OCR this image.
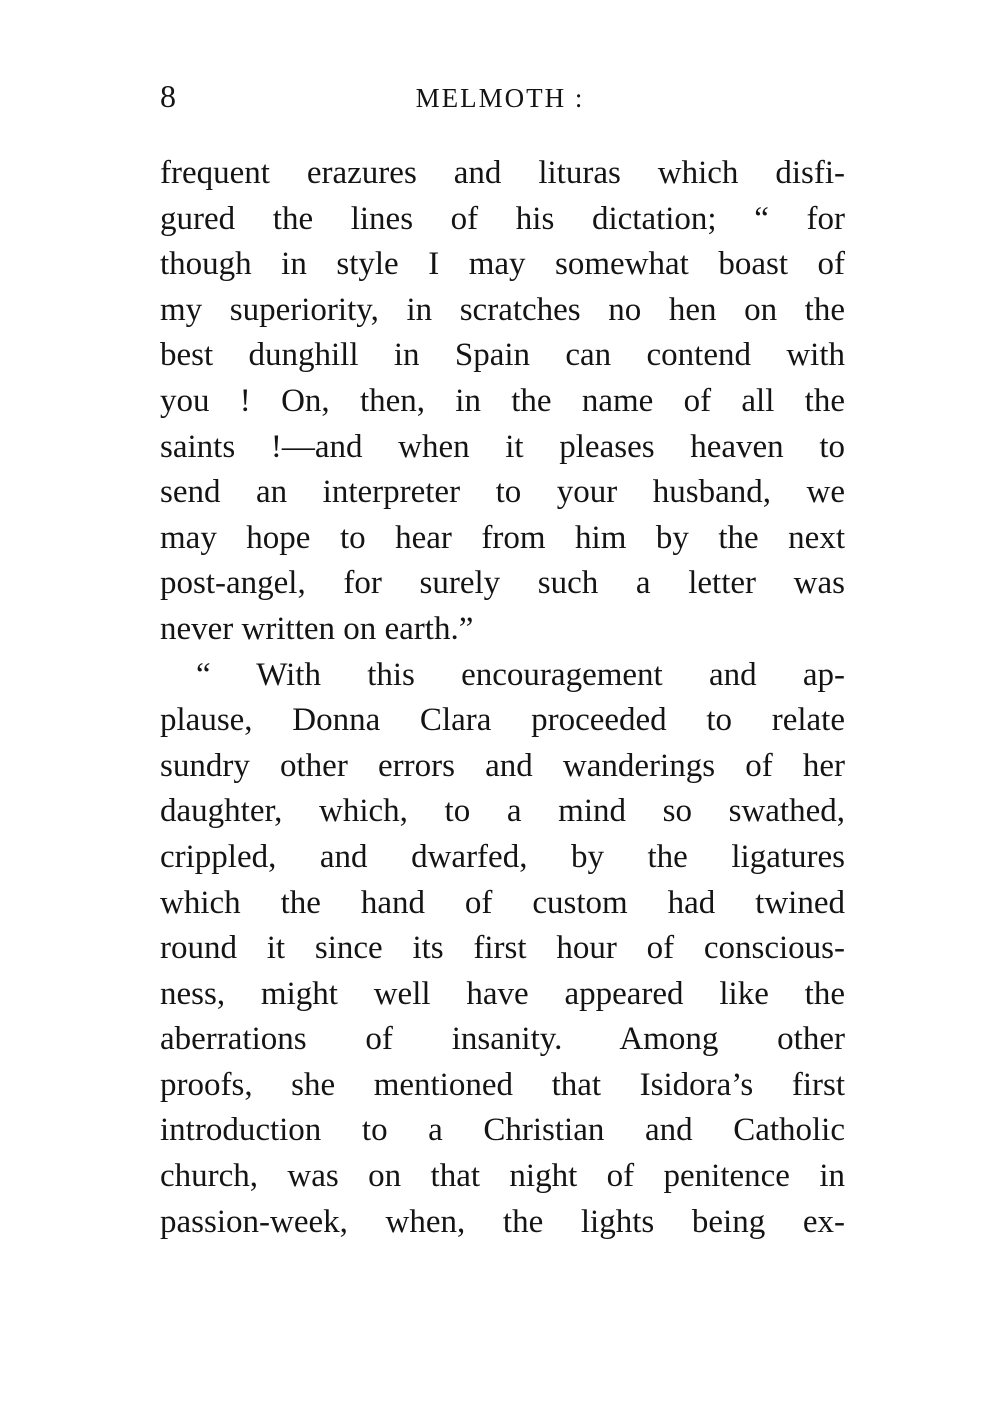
8	MELMOTH :
frequent erazures and lituras which disfi-
gured the lines of his dictation; “ for
though in style I may somewhat boast of
my superiority, in scratches no hen on the
best dunghill in Spain can contend with
you ! On, then, in the name of all the
saints !—and when it pleases heaven to
send an interpreter to your husband, we
may hope to hear from him by the next
post-angel, for surely such a letter was
never written on earth.”
“ With this encouragement and ap-
plause, Donna Clara proceeded to relate
sundry other errors and wanderings of her
daughter, which, to a mind so swathed,
crippled, and dwarfed, by the ligatures
which the hand of custom had twined
round it since its first hour of conscious-
ness, might well have appeared like the
aberrations of insanity. Among other
proofs, she mentioned that Isidora’s first
introduction to a Christian and Catholic
church, was on that night of penitence in
passion-week, when, the lights being ex-
